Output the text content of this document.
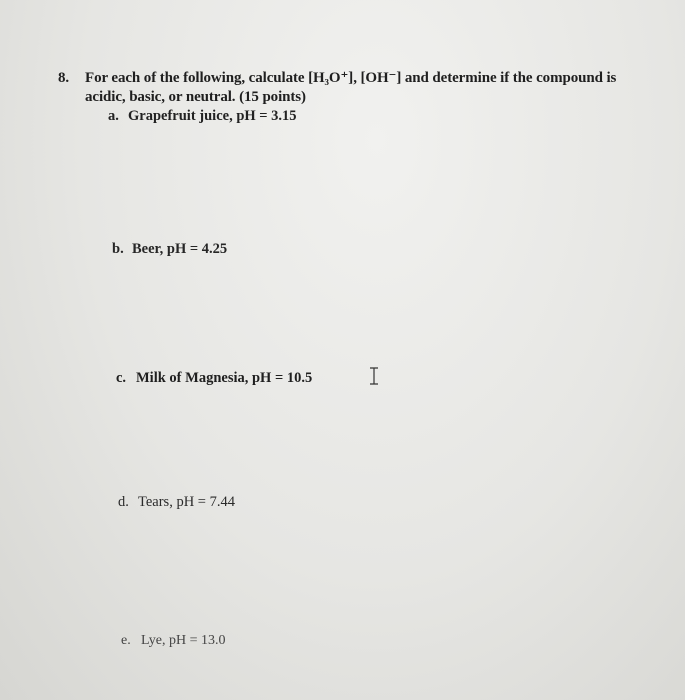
8. For each of the following, calculate [H₃O⁺], [OH⁻] and determine if the compound is
acidic, basic, or neutral. (15 points)
a. Grapefruit juice, pH = 3.15
b. Beer, pH = 4.25
c. Milk of Magnesia, pH = 10.5
d. Tears, pH = 7.44
e. Lye, pH = 13.0
